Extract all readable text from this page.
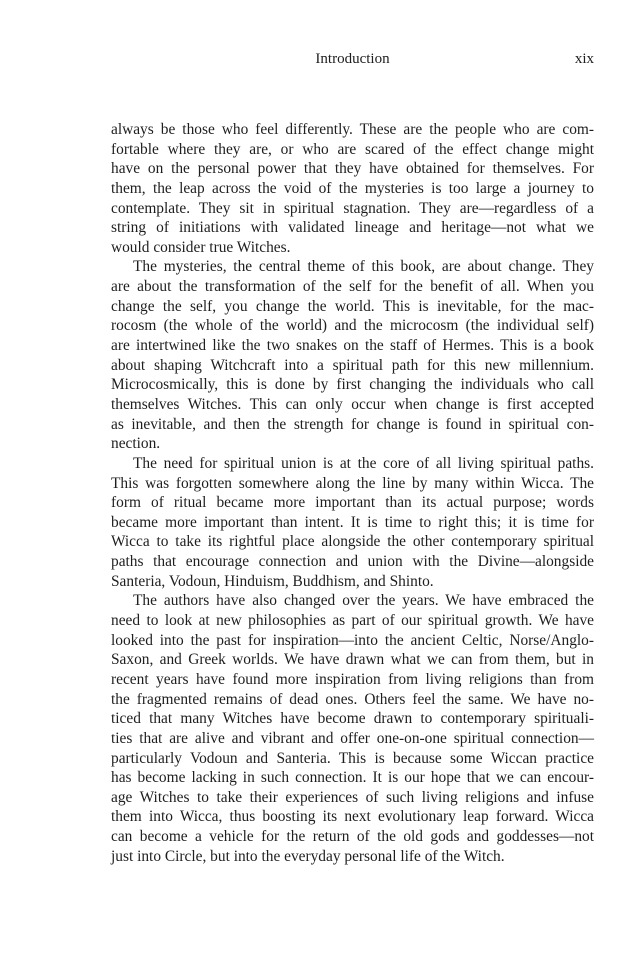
Introduction	xix
always be those who feel differently. These are the people who are com-
fortable where they are, or who are scared of the effect change might
have on the personal power that they have obtained for themselves. For
them, the leap across the void of the mysteries is too large a journey to
contemplate. They sit in spiritual stagnation. They are—regardless of a
string of initiations with validated lineage and heritage—not what we
would consider true Witches.
The mysteries, the central theme of this book, are about change. They
are about the transformation of the self for the benefit of all. When you
change the self, you change the world. This is inevitable, for the mac-
rocosm (the whole of the world) and the microcosm (the individual self)
are intertwined like the two snakes on the staff of Hermes. This is a book
about shaping Witchcraft into a spiritual path for this new millennium.
Microcosmically, this is done by first changing the individuals who call
themselves Witches. This can only occur when change is first accepted
as inevitable, and then the strength for change is found in spiritual con-
nection.
The need for spiritual union is at the core of all living spiritual paths.
This was forgotten somewhere along the line by many within Wicca. The
form of ritual became more important than its actual purpose; words
became more important than intent. It is time to right this; it is time for
Wicca to take its rightful place alongside the other contemporary spiritual
paths that encourage connection and union with the Divine—alongside
Santeria, Vodoun, Hinduism, Buddhism, and Shinto.
The authors have also changed over the years. We have embraced the
need to look at new philosophies as part of our spiritual growth. We have
looked into the past for inspiration—into the ancient Celtic, Norse/Anglo-
Saxon, and Greek worlds. We have drawn what we can from them, but in
recent years have found more inspiration from living religions than from
the fragmented remains of dead ones. Others feel the same. We have no-
ticed that many Witches have become drawn to contemporary spirituali-
ties that are alive and vibrant and offer one-on-one spiritual connection—
particularly Vodoun and Santeria. This is because some Wiccan practice
has become lacking in such connection. It is our hope that we can encour-
age Witches to take their experiences of such living religions and infuse
them into Wicca, thus boosting its next evolutionary leap forward. Wicca
can become a vehicle for the return of the old gods and goddesses—not
just into Circle, but into the everyday personal life of the Witch.
